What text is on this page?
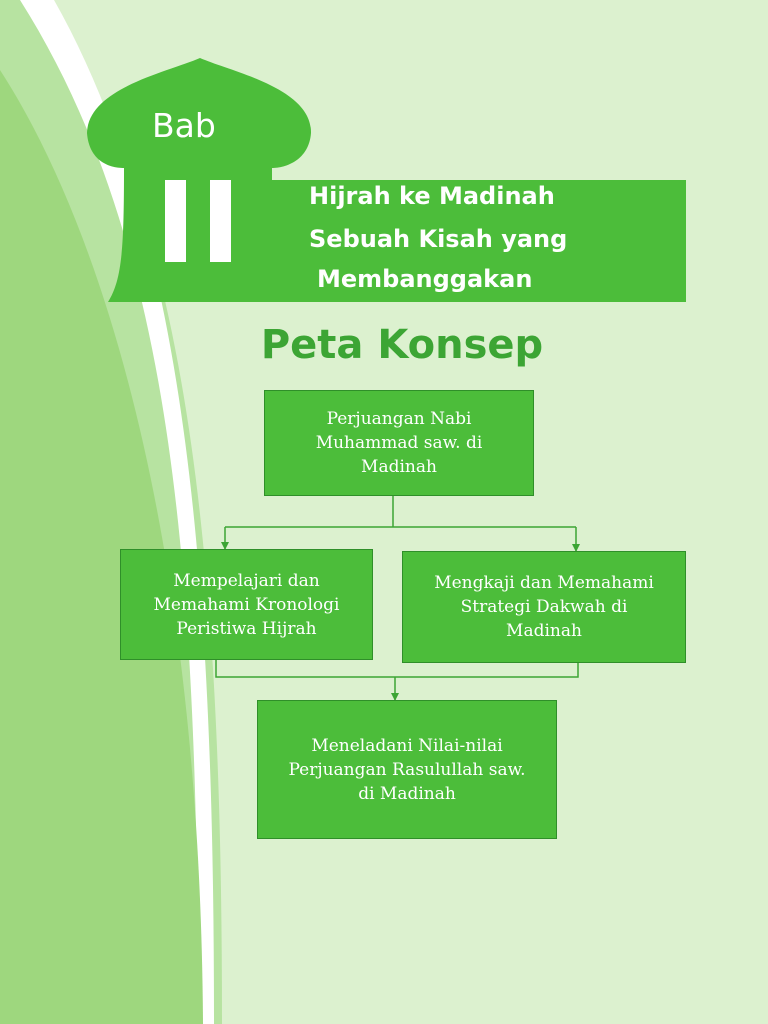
Bab
Hijrah ke Madinah
Sebuah Kisah yang
Membanggakan
Peta Konsep
Perjuangan Nabi
Muhammad saw. di
Madinah
Mempelajari dan
Memahami Kronologi
Peristiwa Hijrah
Mengkaji dan Memahami
Strategi Dakwah di
Madinah
Meneladani Nilai-nilai
Perjuangan Rasulullah saw.
di Madinah
